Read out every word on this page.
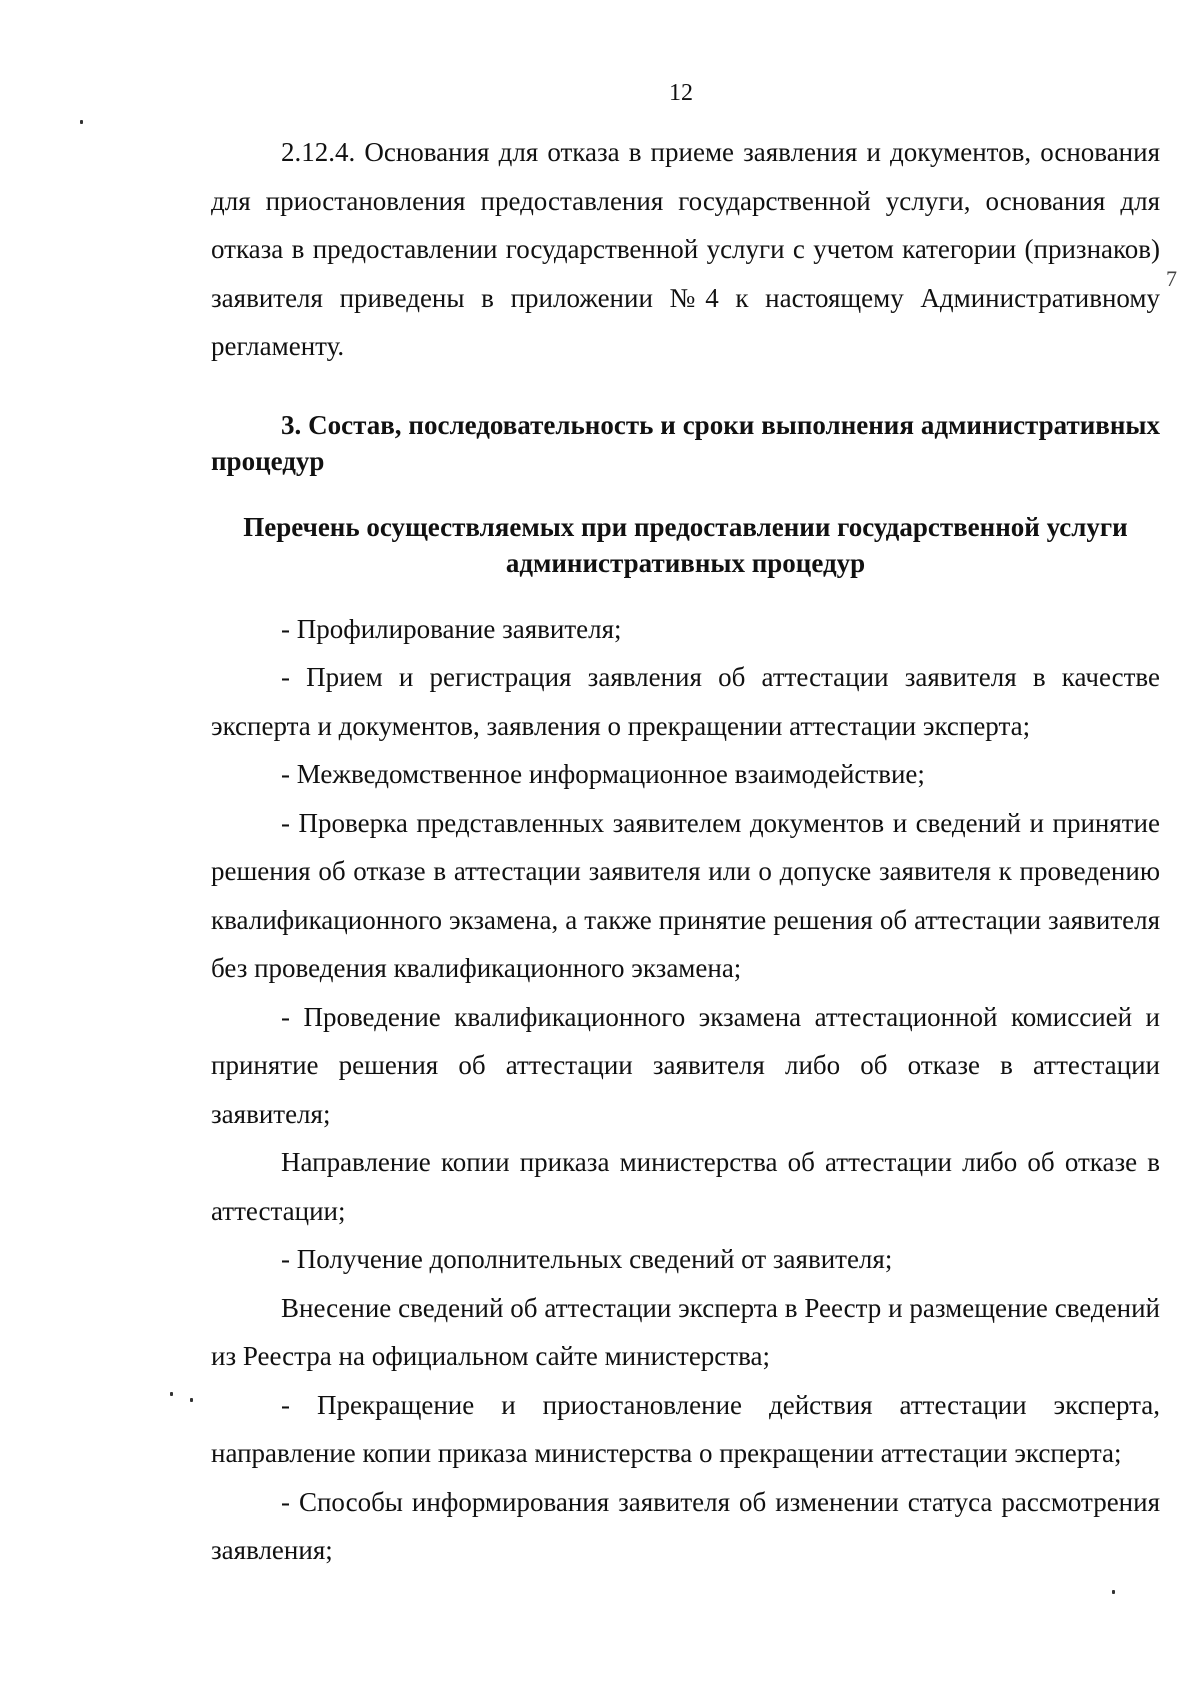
12
7

2.12.4. Основания для отказа в приеме заявления и документов, основания для приостановления предоставления государственной услуги, основания для отказа в предоставлении государственной услуги с учетом категории (признаков) заявителя приведены в приложении №4 к настоящему Административному регламенту.

3. Состав, последовательность и сроки выполнения административных процедур
Перечень осуществляемых при предоставлении государственной услуги административных процедур

- Профилирование заявителя;

- Прием и регистрация заявления об аттестации заявителя в качестве эксперта и документов, заявления о прекращении аттестации эксперта;

- Межведомственное информационное взаимодействие;

- Проверка представленных заявителем документов и сведений и принятие решения об отказе в аттестации заявителя или о допуске заявителя к проведению квалификационного экзамена, а также принятие решения об аттестации заявителя без проведения квалификационного экзамена;

- Проведение квалификационного экзамена аттестационной комиссией и принятие решения об аттестации заявителя либо об отказе в аттестации заявителя;

Направление копии приказа министерства об аттестации либо об отказе в аттестации;

- Получение дополнительных сведений от заявителя;

Внесение сведений об аттестации эксперта в Реестр и размещение сведений из Реестра на официальном сайте министерства;

- Прекращение и приостановление действия аттестации эксперта, направление копии приказа министерства о прекращении аттестации эксперта;

- Способы информирования заявителя об изменении статуса рассмотрения заявления;
